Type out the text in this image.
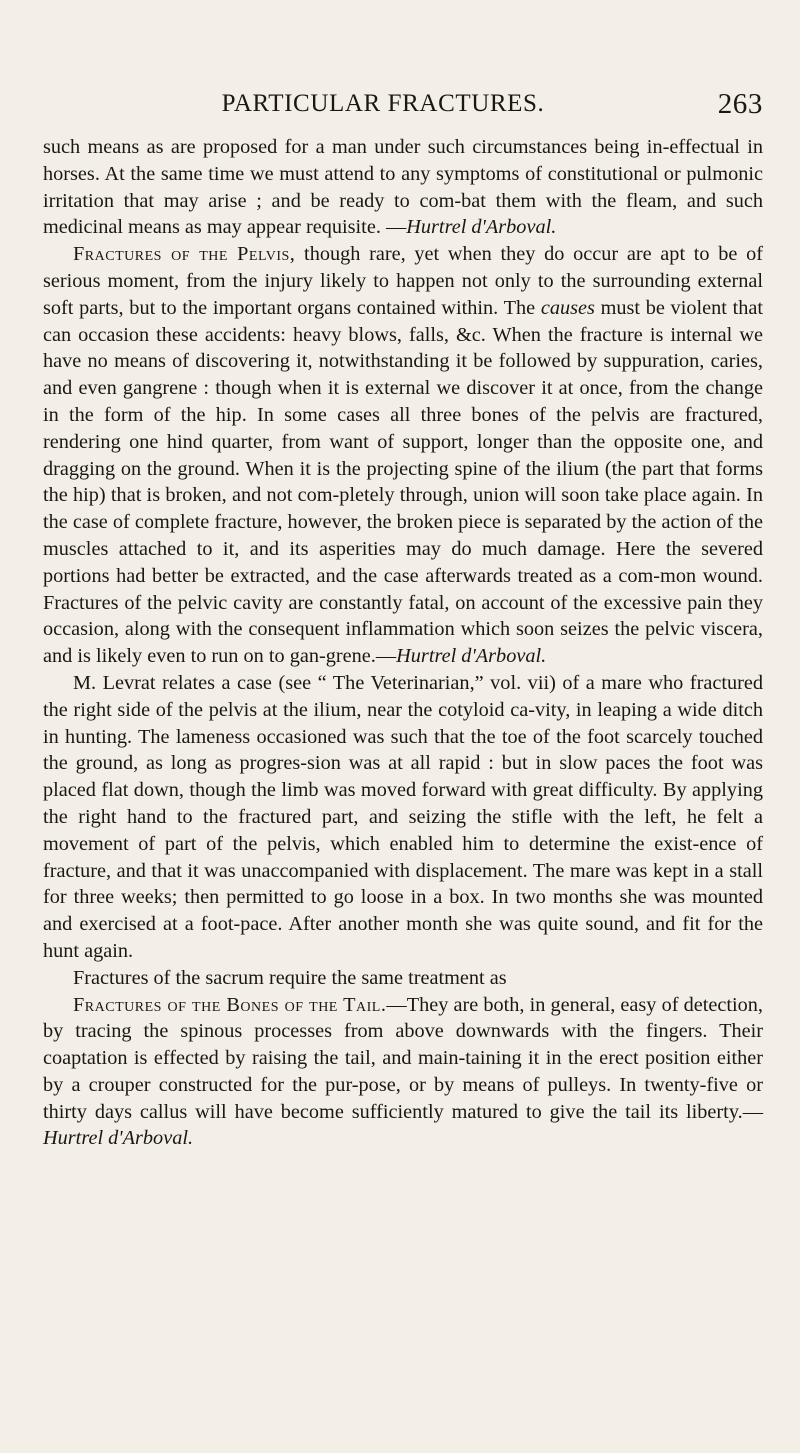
PARTICULAR FRACTURES.	263

such means as are proposed for a man under such circumstances being in-effectual in horses. At the same time we must attend to any symptoms of constitutional or pulmonic irritation that may arise ; and be ready to com-bat them with the fleam, and such medicinal means as may appear requisite. —Hurtrel d'Arboval.

Fractures of the Pelvis, though rare, yet when they do occur are apt to be of serious moment, from the injury likely to happen not only to the surrounding external soft parts, but to the important organs contained within. The causes must be violent that can occasion these accidents: heavy blows, falls, &c. When the fracture is internal we have no means of discovering it, notwithstanding it be followed by suppuration, caries, and even gangrene : though when it is external we discover it at once, from the change in the form of the hip. In some cases all three bones of the pelvis are fractured, rendering one hind quarter, from want of support, longer than the opposite one, and dragging on the ground. When it is the projecting spine of the ilium (the part that forms the hip) that is broken, and not com-pletely through, union will soon take place again. In the case of complete fracture, however, the broken piece is separated by the action of the muscles attached to it, and its asperities may do much damage. Here the severed portions had better be extracted, and the case afterwards treated as a com-mon wound. Fractures of the pelvic cavity are constantly fatal, on account of the excessive pain they occasion, along with the consequent inflammation which soon seizes the pelvic viscera, and is likely even to run on to gan-grene.—Hurtrel d'Arboval.

M. Levrat relates a case (see “ The Veterinarian,” vol. vii) of a mare who fractured the right side of the pelvis at the ilium, near the cotyloid ca-vity, in leaping a wide ditch in hunting. The lameness occasioned was such that the toe of the foot scarcely touched the ground, as long as progres-sion was at all rapid : but in slow paces the foot was placed flat down, though the limb was moved forward with great difficulty. By applying the right hand to the fractured part, and seizing the stifle with the left, he felt a movement of part of the pelvis, which enabled him to determine the exist-ence of fracture, and that it was unaccompanied with displacement. The mare was kept in a stall for three weeks; then permitted to go loose in a box. In two months she was mounted and exercised at a foot-pace. After another month she was quite sound, and fit for the hunt again.

Fractures of the sacrum require the same treatment as

Fractures of the Bones of the Tail.—They are both, in general, easy of detection, by tracing the spinous processes from above downwards with the fingers. Their coaptation is effected by raising the tail, and main-taining it in the erect position either by a crouper constructed for the pur-pose, or by means of pulleys. In twenty-five or thirty days callus will have become sufficiently matured to give the tail its liberty.—Hurtrel d'Arboval.
